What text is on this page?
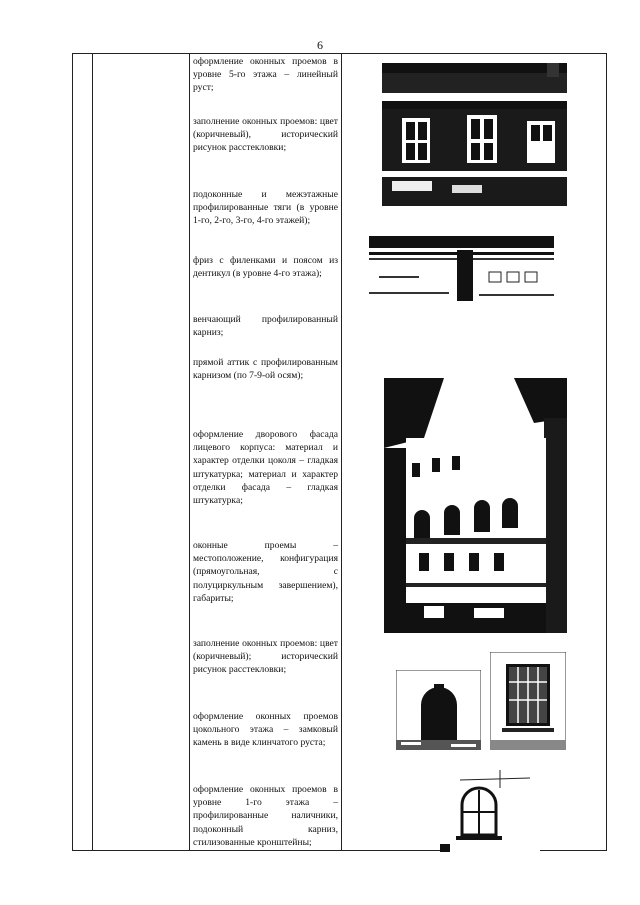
6

оформление оконных проемов в уровне 5-го этажа – линейный руст;

заполнение оконных проемов: цвет (коричневый), исторический рисунок расстекловки;

подоконные и межэтажные профилированные тяги (в уровне 1-го, 2-го, 3-го, 4-го этажей);

фриз с филенками и поясом из дентикул (в уровне 4-го этажа);

венчающий профилированный карниз;

прямой аттик с профилированным карнизом (по 7-9-ой осям);

оформление дворового фасада лицевого корпуса: материал и характер отделки цоколя – гладкая штукатурка; материал и характер отделки фасада – гладкая штукатурка;

оконные проемы – местоположение, конфигурация (прямоугольная, с полуциркульным завершением), габариты;

заполнение оконных проемов: цвет (коричневый); исторический рисунок расстекловки;

оформление оконных проемов цокольного этажа – замковый камень в виде клинчатого руста;

оформление оконных проемов в уровне 1-го этажа – профилированные наличники, подоконный карниз, стилизованные кронштейны;
